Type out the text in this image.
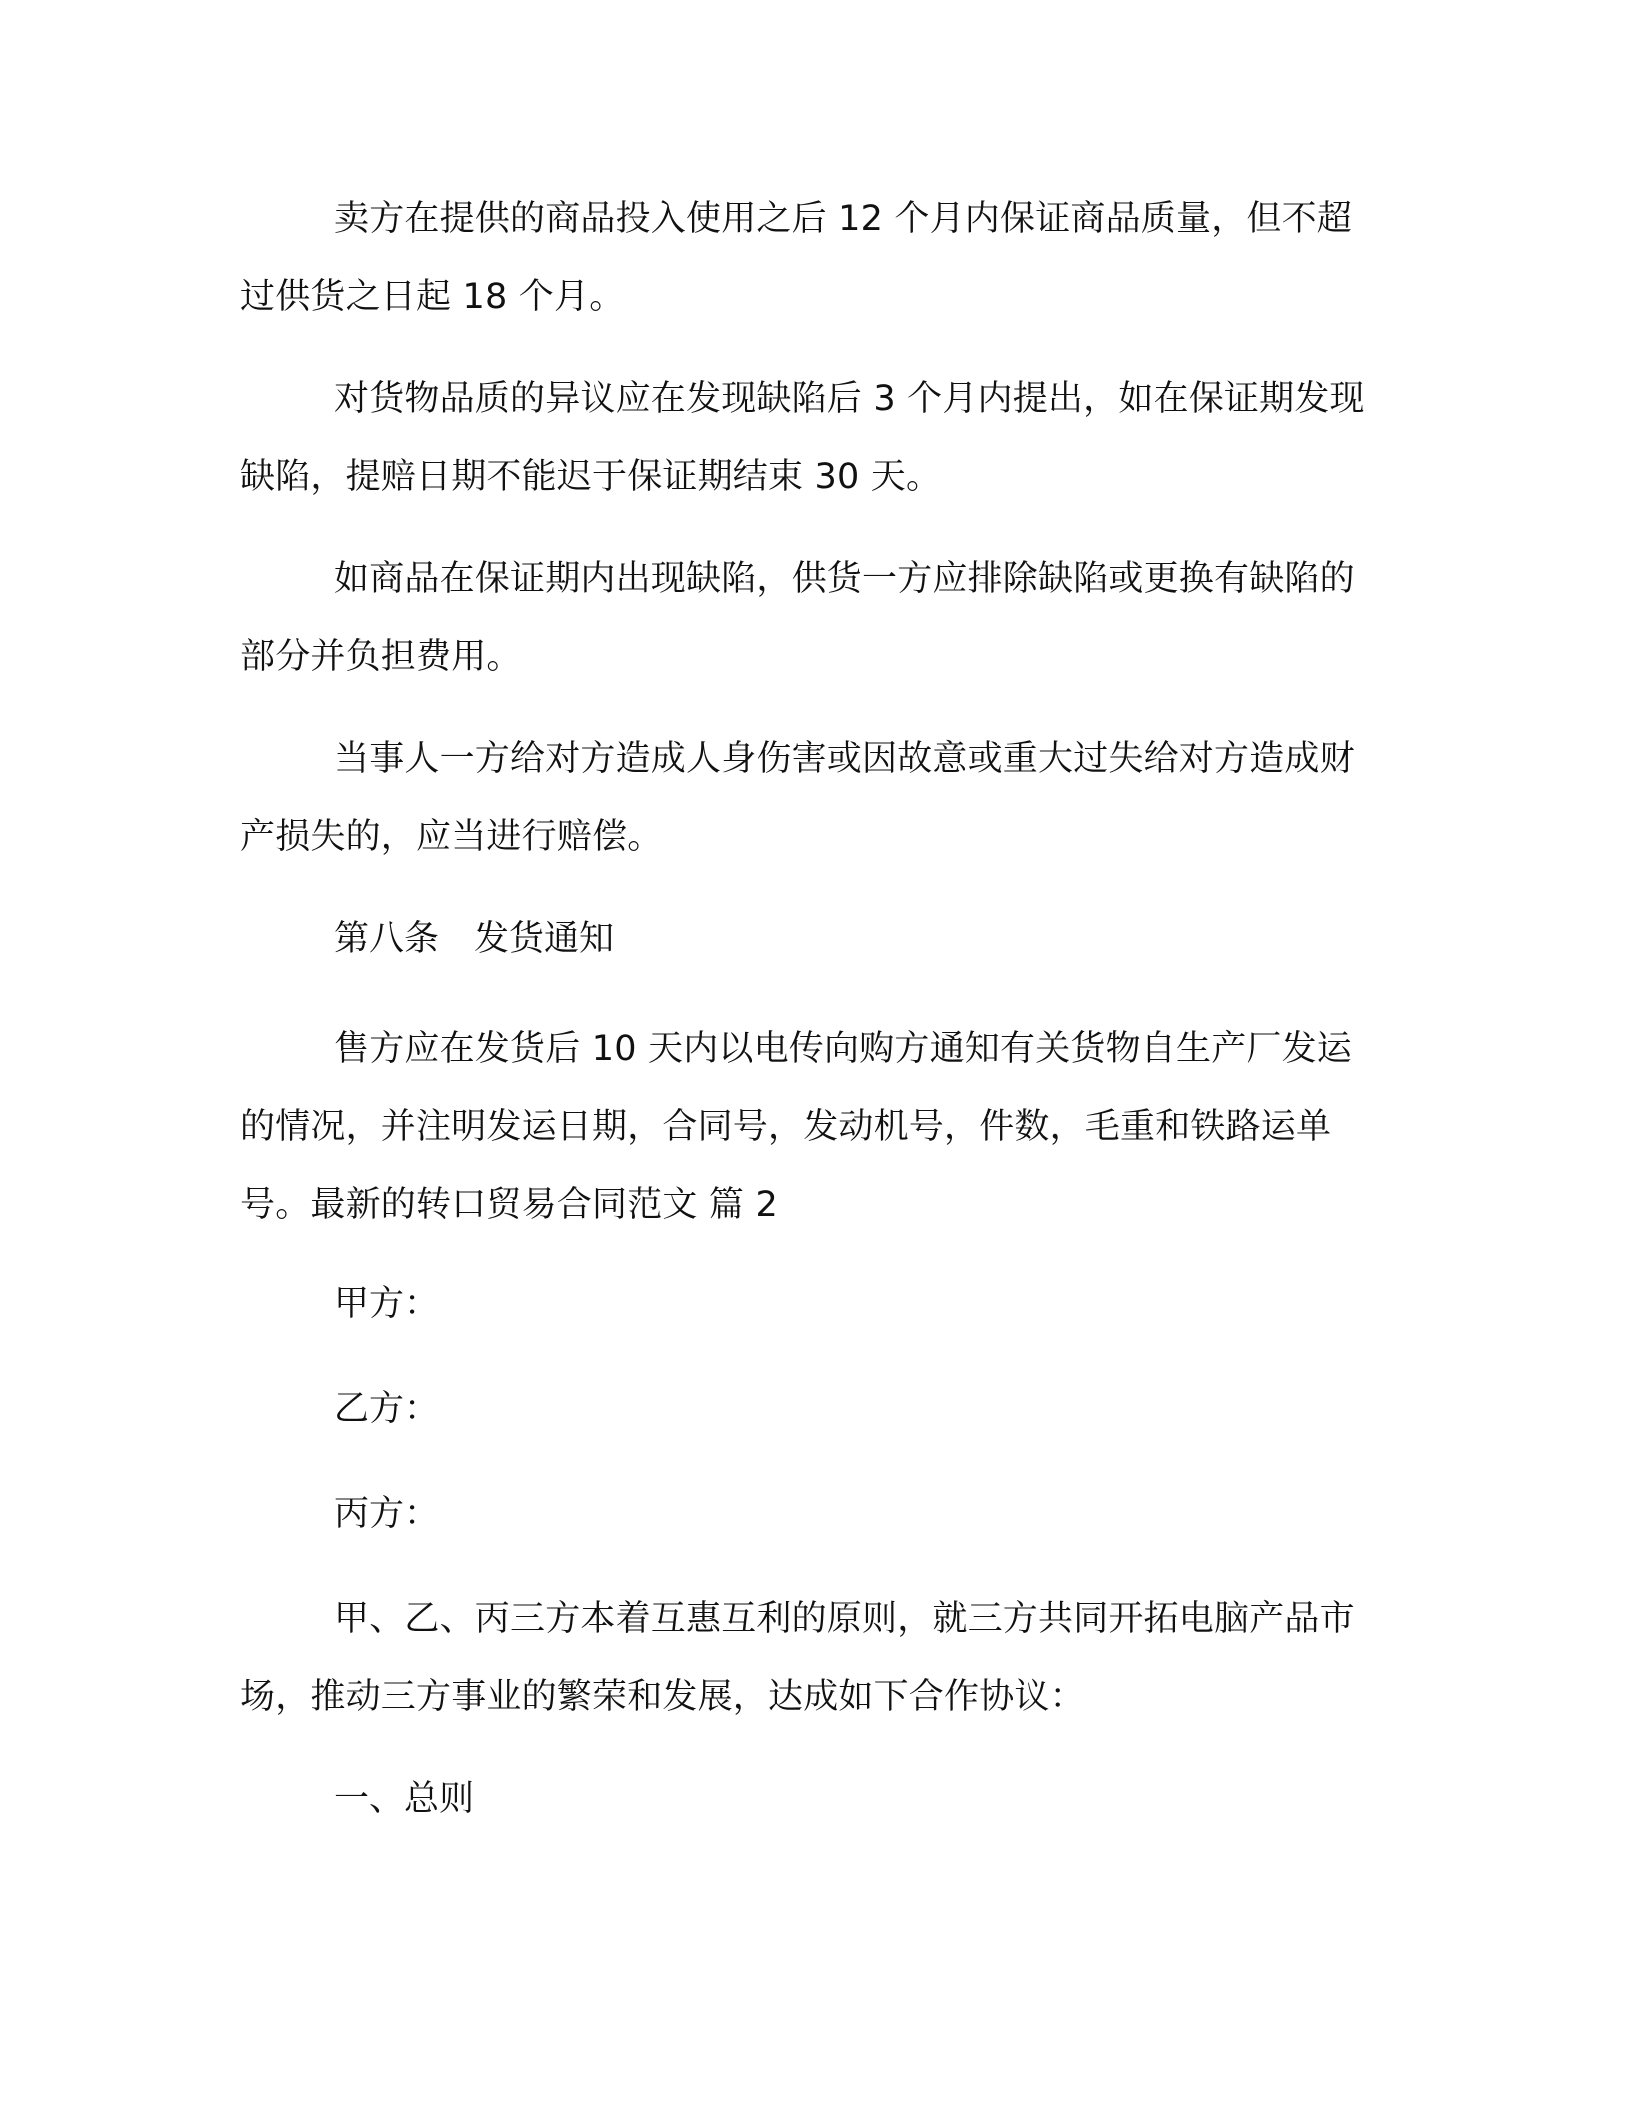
卖方在提供的商品投入使用之后 12 个月内保证商品质量，但不超过供货之日起 18 个月。

对货物品质的异议应在发现缺陷后 3 个月内提出，如在保证期发现缺陷，提赔日期不能迟于保证期结束 30 天。

如商品在保证期内出现缺陷，供货一方应排除缺陷或更换有缺陷的部分并负担费用。

当事人一方给对方造成人身伤害或因故意或重大过失给对方造成财产损失的，应当进行赔偿。

第八条　发货通知

售方应在发货后 10 天内以电传向购方通知有关货物自生产厂发运的情况，并注明发运日期，合同号，发动机号，件数，毛重和铁路运单号。最新的转口贸易合同范文 篇 2

甲方：

乙方：

丙方：

甲、乙、丙三方本着互惠互利的原则，就三方共同开拓电脑产品市场，推动三方事业的繁荣和发展，达成如下合作协议：

一、总则
